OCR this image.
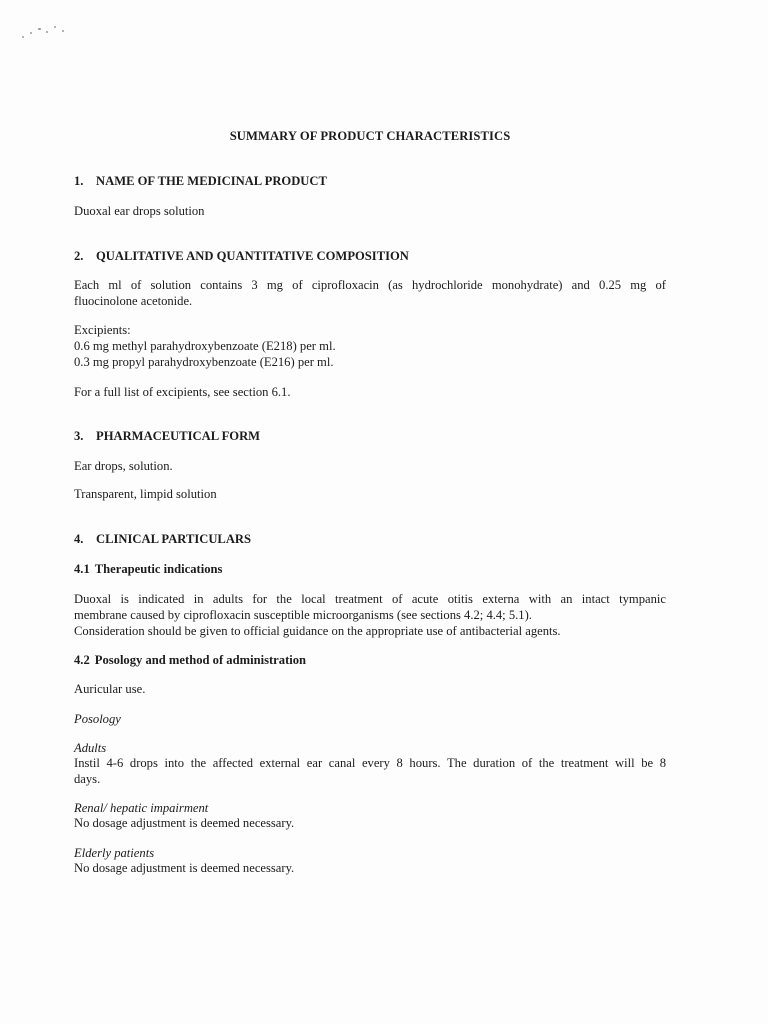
SUMMARY OF PRODUCT CHARACTERISTICS
1. NAME OF THE MEDICINAL PRODUCT
Duoxal ear drops solution
2. QUALITATIVE AND QUANTITATIVE COMPOSITION
Each ml of solution contains 3 mg of ciprofloxacin (as hydrochloride monohydrate) and 0.25 mg of
fluocinolone acetonide.
Excipients:
0.6 mg methyl parahydroxybenzoate (E218) per ml.
0.3 mg propyl parahydroxybenzoate (E216) per ml.
For a full list of excipients, see section 6.1.
3. PHARMACEUTICAL FORM
Ear drops, solution.
Transparent, limpid solution
4. CLINICAL PARTICULARS
4.1 Therapeutic indications
Duoxal is indicated in adults for the local treatment of acute otitis externa with an intact tympanic
membrane caused by ciprofloxacin susceptible microorganisms (see sections 4.2; 4.4; 5.1).
Consideration should be given to official guidance on the appropriate use of antibacterial agents.
4.2 Posology and method of administration
Auricular use.
Posology
Adults
Instil 4-6 drops into the affected external ear canal every 8 hours. The duration of the treatment will be 8
days.
Renal/ hepatic impairment
No dosage adjustment is deemed necessary.
Elderly patients
No dosage adjustment is deemed necessary.
